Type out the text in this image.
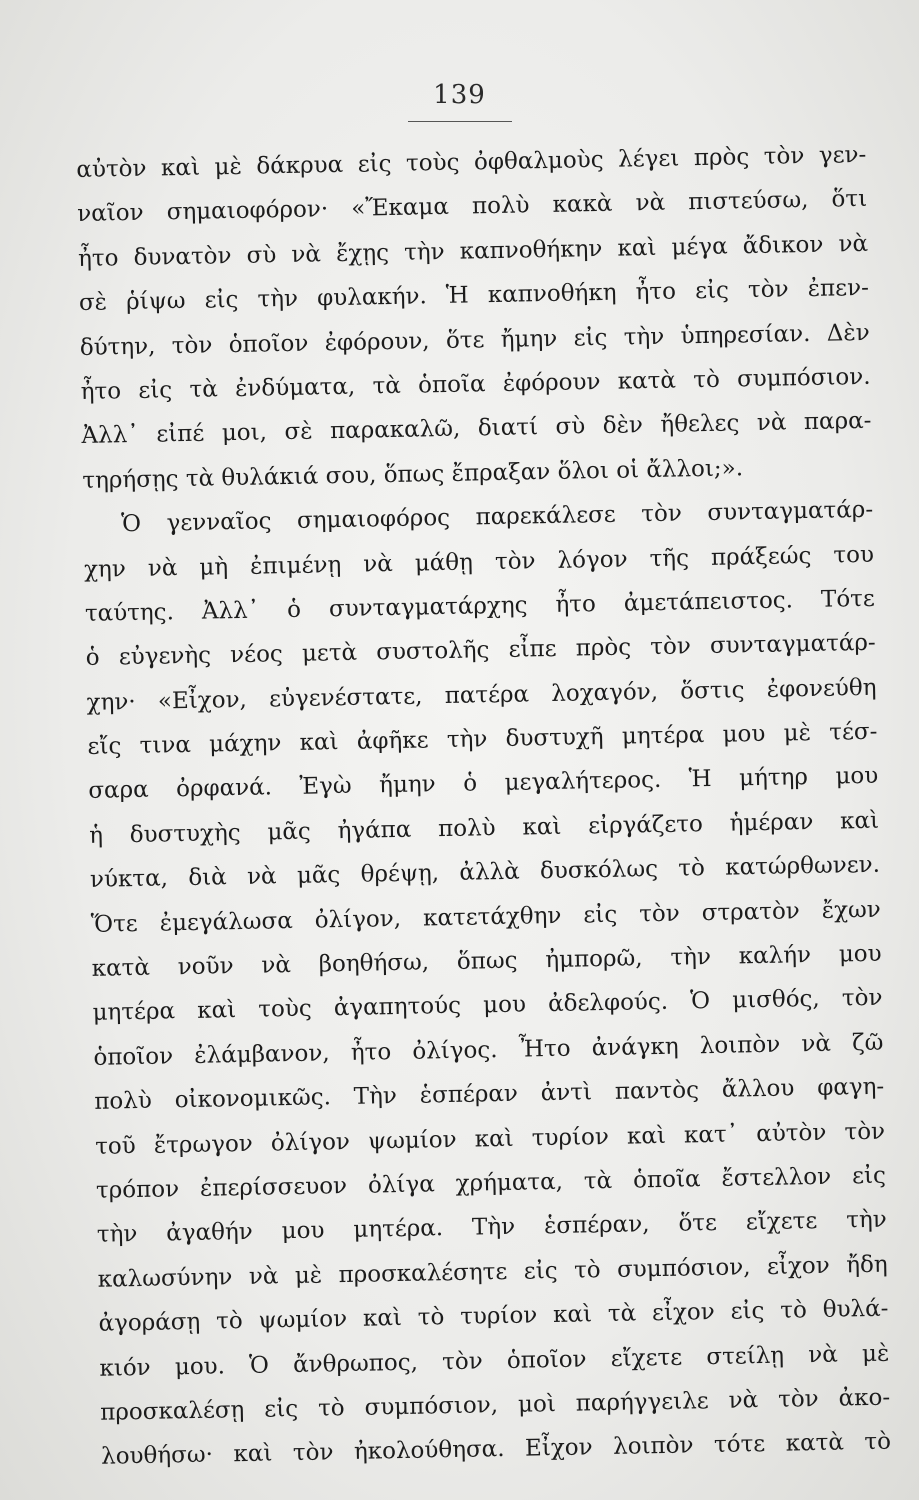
139
αὐτὸν καὶ μὲ δάκρυα εἰς τοὺς ὀφθαλμοὺς λέγει πρὸς τὸν γεν-
ναῖον σημαιοφόρον· «Ἔκαμα πολὺ κακὰ νὰ πιστεύσω, ὅτι
ἦτο δυνατὸν σὺ νὰ ἔχῃς τὴν καπνοθήκην καὶ μέγα ἄδικον νὰ
σὲ ῥίψω εἰς τὴν φυλακήν. Ἡ καπνοθήκη ἦτο εἰς τὸν ἐπεν-
δύτην, τὸν ὁποῖον ἐφόρουν, ὅτε ἤμην εἰς τὴν ὑπηρεσίαν. Δὲν
ἦτο εἰς τὰ ἐνδύματα, τὰ ὁποῖα ἐφόρουν κατὰ τὸ συμπόσιον.
Ἀλλ᾽ εἰπέ μοι, σὲ παρακαλῶ, διατί σὺ δὲν ἤθελες νὰ παρα-
τηρήσῃς τὰ θυλάκιά σου, ὅπως ἔπραξαν ὅλοι οἱ ἄλλοι;».
Ὁ γενναῖος σημαιοφόρος παρεκάλεσε τὸν συνταγματάρ-
χην νὰ μὴ ἐπιμένῃ νὰ μάθῃ τὸν λόγον τῆς πράξεώς του
ταύτης. Ἀλλ᾽ ὁ συνταγματάρχης ἦτο ἀμετάπειστος. Τότε
ὁ εὐγενὴς νέος μετὰ συστολῆς εἶπε πρὸς τὸν συνταγματάρ-
χην· «Εἶχον, εὐγενέστατε, πατέρα λοχαγόν, ὅστις ἐφονεύθη
εἴς τινα μάχην καὶ ἀφῆκε τὴν δυστυχῆ μητέρα μου μὲ τέσ-
σαρα ὀρφανά. Ἐγὼ ἤμην ὁ μεγαλήτερος. Ἡ μήτηρ μου
ἡ δυστυχὴς μᾶς ἠγάπα πολὺ καὶ εἰργάζετο ἡμέραν καὶ
νύκτα, διὰ νὰ μᾶς θρέψῃ, ἀλλὰ δυσκόλως τὸ κατώρθωνεν.
Ὅτε ἐμεγάλωσα ὀλίγον, κατετάχθην εἰς τὸν στρατὸν ἔχων
κατὰ νοῦν νὰ βοηθήσω, ὅπως ἠμπορῶ, τὴν καλήν μου
μητέρα καὶ τοὺς ἀγαπητούς μου ἀδελφούς. Ὁ μισθός, τὸν
ὁποῖον ἐλάμβανον, ἦτο ὀλίγος. Ἦτο ἀνάγκη λοιπὸν νὰ ζῶ
πολὺ οἰκονομικῶς. Τὴν ἑσπέραν ἀντὶ παντὸς ἄλλου φαγη-
τοῦ ἔτρωγον ὀλίγον ψωμίον καὶ τυρίον καὶ κατ᾽ αὐτὸν τὸν
τρόπον ἐπερίσσευον ὀλίγα χρήματα, τὰ ὁποῖα ἔστελλον εἰς
τὴν ἀγαθήν μου μητέρα. Τὴν ἑσπέραν, ὅτε εἴχετε τὴν
καλωσύνην νὰ μὲ προσκαλέσητε εἰς τὸ συμπόσιον, εἶχον ἤδη
ἀγοράσῃ τὸ ψωμίον καὶ τὸ τυρίον καὶ τὰ εἶχον εἰς τὸ θυλά-
κιόν μου. Ὁ ἄνθρωπος, τὸν ὁποῖον εἴχετε στείλῃ νὰ μὲ
προσκαλέσῃ εἰς τὸ συμπόσιον, μοὶ παρήγγειλε νὰ τὸν ἀκο-
λουθήσω· καὶ τὸν ἠκολούθησα. Εἶχον λοιπὸν τότε κατὰ τὸ
